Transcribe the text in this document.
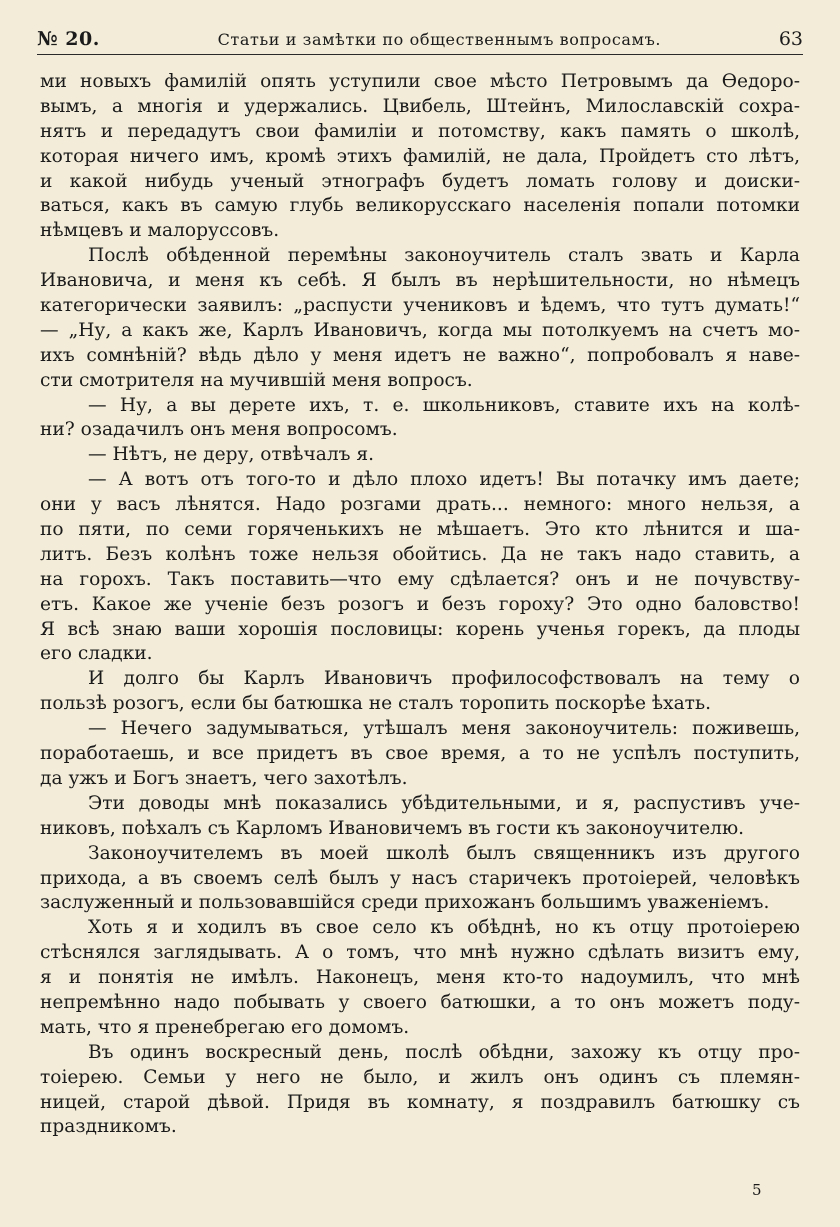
№ 20.	Статьи и замѣтки по общественнымъ вопросамъ.	63
ми новыхъ фамилій опять уступили свое мѣсто Петровымъ да Ѳедоро-
вымъ, а многія и удержались. Цвибель, Штейнъ, Милославскій сохра-
нятъ и передадутъ свои фамиліи и потомству, какъ память о школѣ,
которая ничего имъ, кромѣ этихъ фамилій, не дала, Пройдетъ сто лѣтъ,
и какой нибудь ученый этнографъ будетъ ломать голову и доиски-
ваться, какъ въ самую глубь великорусскаго населенія попали потомки
нѣмцевъ и малоруссовъ.
Послѣ обѣденной перемѣны законоучитель сталъ звать и Карла
Ивановича, и меня къ себѣ. Я былъ въ нерѣшительности, но нѣмецъ
категорически заявилъ: „распусти учениковъ и ѣдемъ, что тутъ думать!“
— „Ну, а какъ же, Карлъ Ивановичъ, когда мы потолкуемъ на счетъ мо-
ихъ сомнѣній? вѣдь дѣло у меня идетъ не важно“, попробовалъ я наве-
сти смотрителя на мучившій меня вопросъ.
— Ну, а вы дерете ихъ, т. е. школьниковъ, ставите ихъ на колѣ-
ни? озадачилъ онъ меня вопросомъ.
— Нѣтъ, не деру, отвѣчалъ я.
— А вотъ отъ того-то и дѣло плохо идетъ! Вы потачку имъ даете;
они у васъ лѣнятся. Надо розгами драть... немного: много нельзя, а
по пяти, по семи горяченькихъ не мѣшаетъ. Это кто лѣнится и ша-
литъ. Безъ колѣнъ тоже нельзя обойтись. Да не такъ надо ставить, а
на горохъ. Такъ поставить—что ему сдѣлается? онъ и не почувству-
етъ. Какое же ученіе безъ розогъ и безъ гороху? Это одно баловство!
Я всѣ знаю ваши хорошія пословицы: корень ученья горекъ, да плоды
его сладки.
И долго бы Карлъ Ивановичъ профилософствовалъ на тему о
пользѣ розогъ, если бы батюшка не сталъ торопить поскорѣе ѣхать.
— Нечего задумываться, утѣшалъ меня законоучитель: поживешь,
поработаешь, и все придетъ въ свое время, а то не успѣлъ поступить,
да ужъ и Богъ знаетъ, чего захотѣлъ.
Эти доводы мнѣ показались убѣдительными, и я, распустивъ уче-
никовъ, поѣхалъ съ Карломъ Ивановичемъ въ гости къ законоучителю.
Законоучителемъ въ моей школѣ былъ священникъ изъ другого
прихода, а въ своемъ селѣ былъ у насъ старичекъ протоіерей, человѣкъ
заслуженный и пользовавшійся среди прихожанъ большимъ уваженіемъ.
Хоть я и ходилъ въ свое село къ обѣднѣ, но къ отцу протоіерею
стѣснялся заглядывать. А о томъ, что мнѣ нужно сдѣлать визитъ ему,
я и понятія не имѣлъ. Наконецъ, меня кто-то надоумилъ, что мнѣ
непремѣнно надо побывать у своего батюшки, а то онъ можетъ поду-
мать, что я пренебрегаю его домомъ.
Въ одинъ воскресный день, послѣ обѣдни, захожу къ отцу про-
тоіерею. Семьи у него не было, и жилъ онъ одинъ съ племян-
ницей, старой дѣвой. Придя въ комнату, я поздравилъ батюшку съ
праздникомъ.
5
